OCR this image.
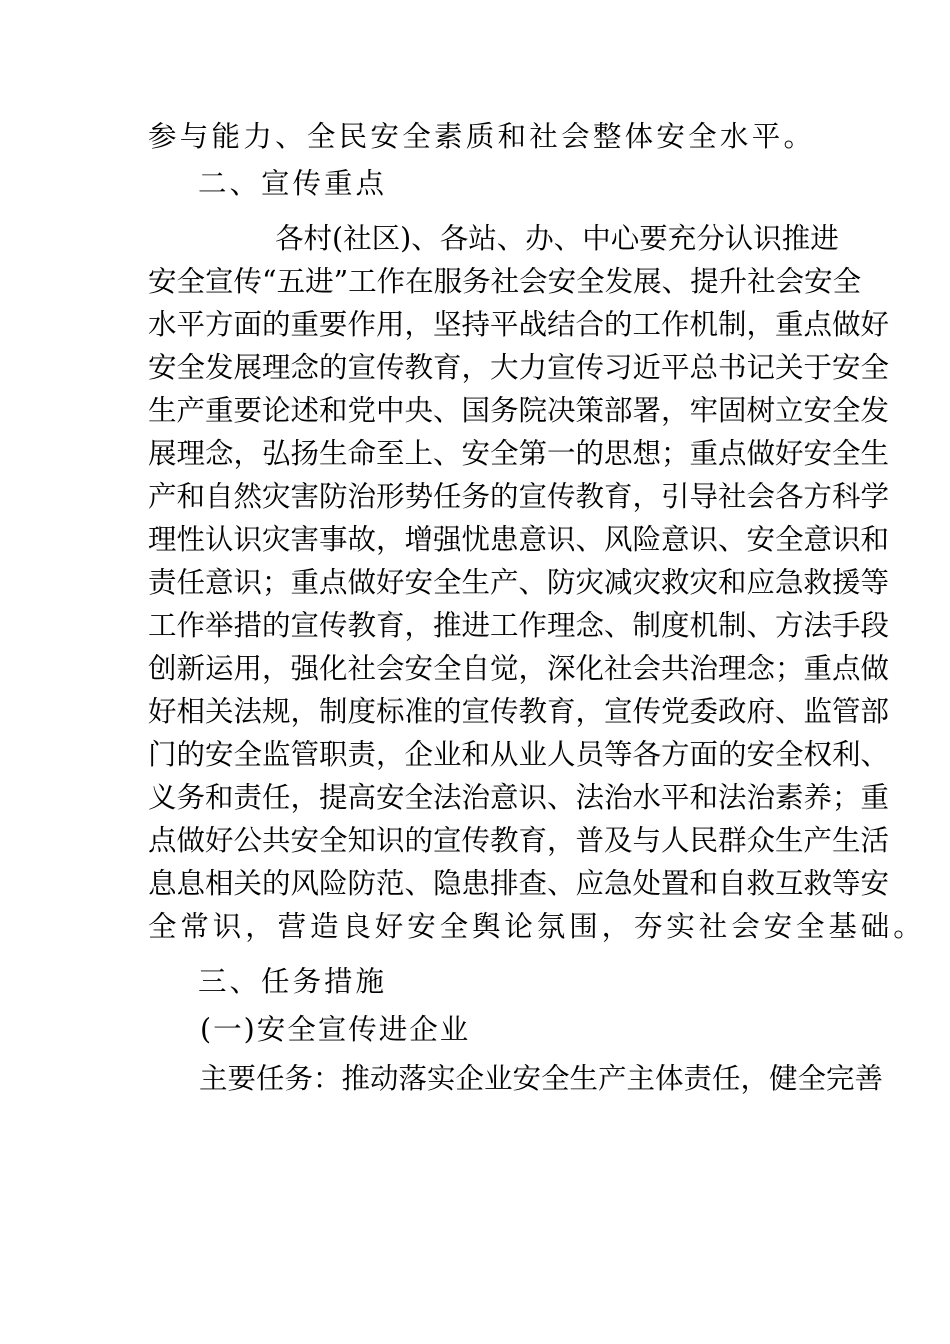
参与能力、全民安全素质和社会整体安全水平。
二、宣传重点
各村(社区)、各站、办、中心要充分认识推进
安全宣传“五进”工作在服务社会安全发展、提升社会安全
水平方面的重要作用，坚持平战结合的工作机制，重点做好
安全发展理念的宣传教育，大力宣传习近平总书记关于安全
生产重要论述和党中央、国务院决策部署，牢固树立安全发
展理念，弘扬生命至上、安全第一的思想；重点做好安全生
产和自然灾害防治形势任务的宣传教育，引导社会各方科学
理性认识灾害事故，增强忧患意识、风险意识、安全意识和
责任意识；重点做好安全生产、防灾减灾救灾和应急救援等
工作举措的宣传教育，推进工作理念、制度机制、方法手段
创新运用，强化社会安全自觉，深化社会共治理念；重点做
好相关法规，制度标准的宣传教育，宣传党委政府、监管部
门的安全监管职责，企业和从业人员等各方面的安全权利、
义务和责任，提高安全法治意识、法治水平和法治素养；重
点做好公共安全知识的宣传教育，普及与人民群众生产生活
息息相关的风险防范、隐患排查、应急处置和自救互救等安
全常识，营造良好安全舆论氛围，夯实社会安全基础。
三、任务措施
(一)安全宣传进企业
主要任务：推动落实企业安全生产主体责任，健全完善
